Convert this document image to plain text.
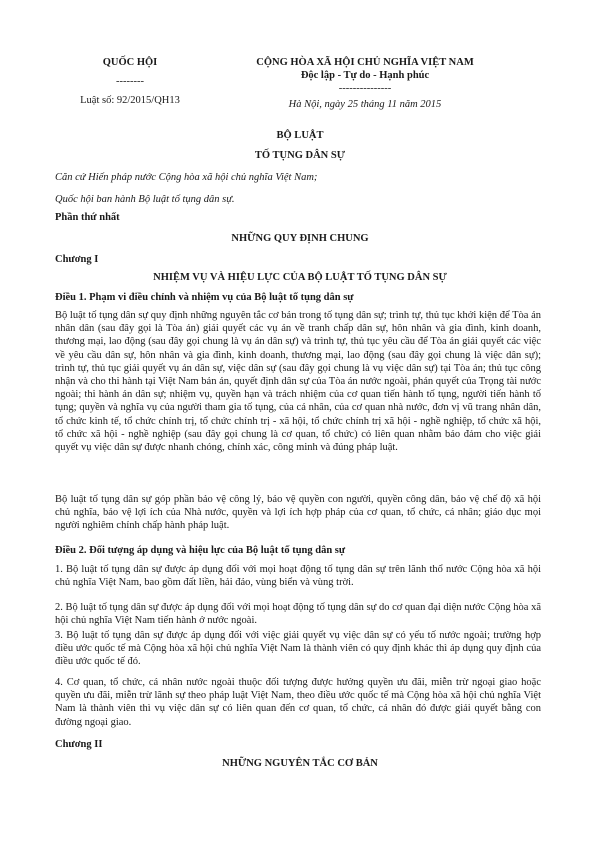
QUỐC HỘI
--------
Luật số: 92/2015/QH13
CỘNG HÒA XÃ HỘI CHỦ NGHĨA VIỆT NAM
Độc lập - Tự do - Hạnh phúc
---------------
Hà Nội, ngày 25 tháng 11 năm 2015
BỘ LUẬT
TỐ TỤNG DÂN SỰ
Căn cứ Hiến pháp nước Cộng hòa xã hội chủ nghĩa Việt Nam;
Quốc hội ban hành Bộ luật tố tụng dân sự.
Phần thứ nhất
NHỮNG QUY ĐỊNH CHUNG
Chương I
NHIỆM VỤ VÀ HIỆU LỰC CỦA BỘ LUẬT TỐ TỤNG DÂN SỰ
Điều 1. Phạm vi điều chỉnh và nhiệm vụ của Bộ luật tố tụng dân sự
Bộ luật tố tụng dân sự quy định những nguyên tắc cơ bản trong tố tụng dân sự; trình tự, thủ tục khởi kiện để Tòa án nhân dân (sau đây gọi là Tòa án) giải quyết các vụ án về tranh chấp dân sự, hôn nhân và gia đình, kinh doanh, thương mại, lao động (sau đây gọi chung là vụ án dân sự) và trình tự, thủ tục yêu cầu để Tòa án giải quyết các việc về yêu cầu dân sự, hôn nhân và gia đình, kinh doanh, thương mại, lao động (sau đây gọi chung là việc dân sự); trình tự, thủ tục giải quyết vụ án dân sự, việc dân sự (sau đây gọi chung là vụ việc dân sự) tại Tòa án; thủ tục công nhận và cho thi hành tại Việt Nam bản án, quyết định dân sự của Tòa án nước ngoài, phán quyết của Trọng tài nước ngoài; thi hành án dân sự; nhiệm vụ, quyền hạn và trách nhiệm của cơ quan tiến hành tố tụng, người tiến hành tố tụng; quyền và nghĩa vụ của người tham gia tố tụng, của cá nhân, của cơ quan nhà nước, đơn vị vũ trang nhân dân, tổ chức kinh tế, tổ chức chính trị, tổ chức chính trị - xã hội, tổ chức chính trị xã hội - nghề nghiệp, tổ chức xã hội, tổ chức xã hội - nghề nghiệp (sau đây gọi chung là cơ quan, tổ chức) có liên quan nhằm bảo đảm cho việc giải quyết vụ việc dân sự được nhanh chóng, chính xác, công minh và đúng pháp luật.
Bộ luật tố tụng dân sự góp phần bảo vệ công lý, bảo vệ quyền con người, quyền công dân, bảo vệ chế độ xã hội chủ nghĩa, bảo vệ lợi ích của Nhà nước, quyền và lợi ích hợp pháp của cơ quan, tổ chức, cá nhân; giáo dục mọi người nghiêm chỉnh chấp hành pháp luật.
Điều 2. Đối tượng áp dụng và hiệu lực của Bộ luật tố tụng dân sự
1. Bộ luật tố tụng dân sự được áp dụng đối với mọi hoạt động tố tụng dân sự trên lãnh thổ nước Cộng hòa xã hội chủ nghĩa Việt Nam, bao gồm đất liền, hải đảo, vùng biển và vùng trời.
2. Bộ luật tố tụng dân sự được áp dụng đối với mọi hoạt động tố tụng dân sự do cơ quan đại diện nước Cộng hòa xã hội chủ nghĩa Việt Nam tiến hành ở nước ngoài.
3. Bộ luật tố tụng dân sự được áp dụng đối với việc giải quyết vụ việc dân sự có yếu tố nước ngoài; trường hợp điều ước quốc tế mà Cộng hòa xã hội chủ nghĩa Việt Nam là thành viên có quy định khác thì áp dụng quy định của điều ước quốc tế đó.
4. Cơ quan, tổ chức, cá nhân nước ngoài thuộc đối tượng được hưởng quyền ưu đãi, miễn trừ ngoại giao hoặc quyền ưu đãi, miễn trừ lãnh sự theo pháp luật Việt Nam, theo điều ước quốc tế mà Cộng hòa xã hội chủ nghĩa Việt Nam là thành viên thì vụ việc dân sự có liên quan đến cơ quan, tổ chức, cá nhân đó được giải quyết bằng con đường ngoại giao.
Chương II
NHỮNG NGUYÊN TẮC CƠ BẢN
